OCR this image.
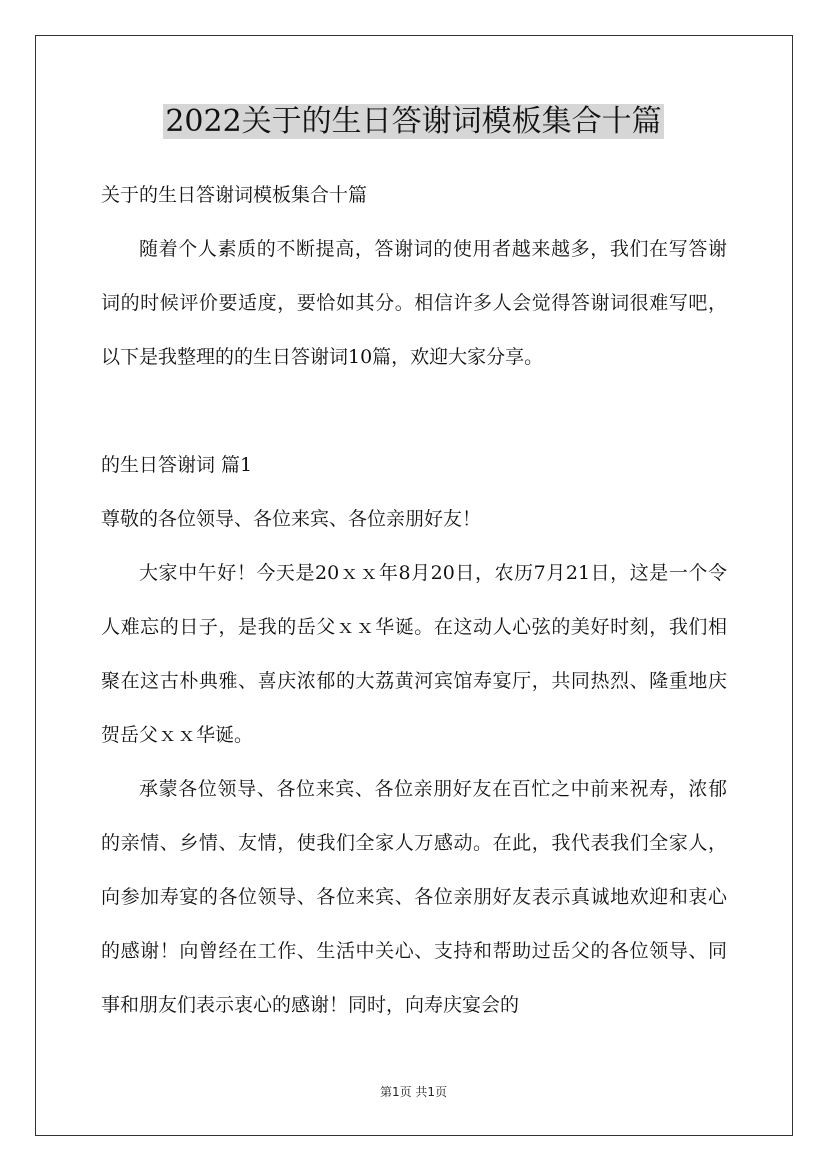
2022关于的生日答谢词模板集合十篇

关于的生日答谢词模板集合十篇

随着个人素质的不断提高，答谢词的使用者越来越多，我们在写答谢词的时候评价要适度，要恰如其分。相信许多人会觉得答谢词很难写吧，以下是我整理的的生日答谢词10篇，欢迎大家分享。

的生日答谢词 篇1

尊敬的各位领导、各位来宾、各位亲朋好友！

大家中午好！今天是20ｘｘ年8月20日，农历7月21日，这是一个令人难忘的日子，是我的岳父ｘｘ华诞。在这动人心弦的美好时刻，我们相聚在这古朴典雅、喜庆浓郁的大荔黄河宾馆寿宴厅，共同热烈、隆重地庆贺岳父ｘｘ华诞。

承蒙各位领导、各位来宾、各位亲朋好友在百忙之中前来祝寿，浓郁的亲情、乡情、友情，使我们全家人万感动。在此，我代表我们全家人，向参加寿宴的各位领导、各位来宾、各位亲朋好友表示真诚地欢迎和衷心的感谢！向曾经在工作、生活中关心、支持和帮助过岳父的各位领导、同事和朋友们表示衷心的感谢！同时，向寿庆宴会的

第1页 共1页
